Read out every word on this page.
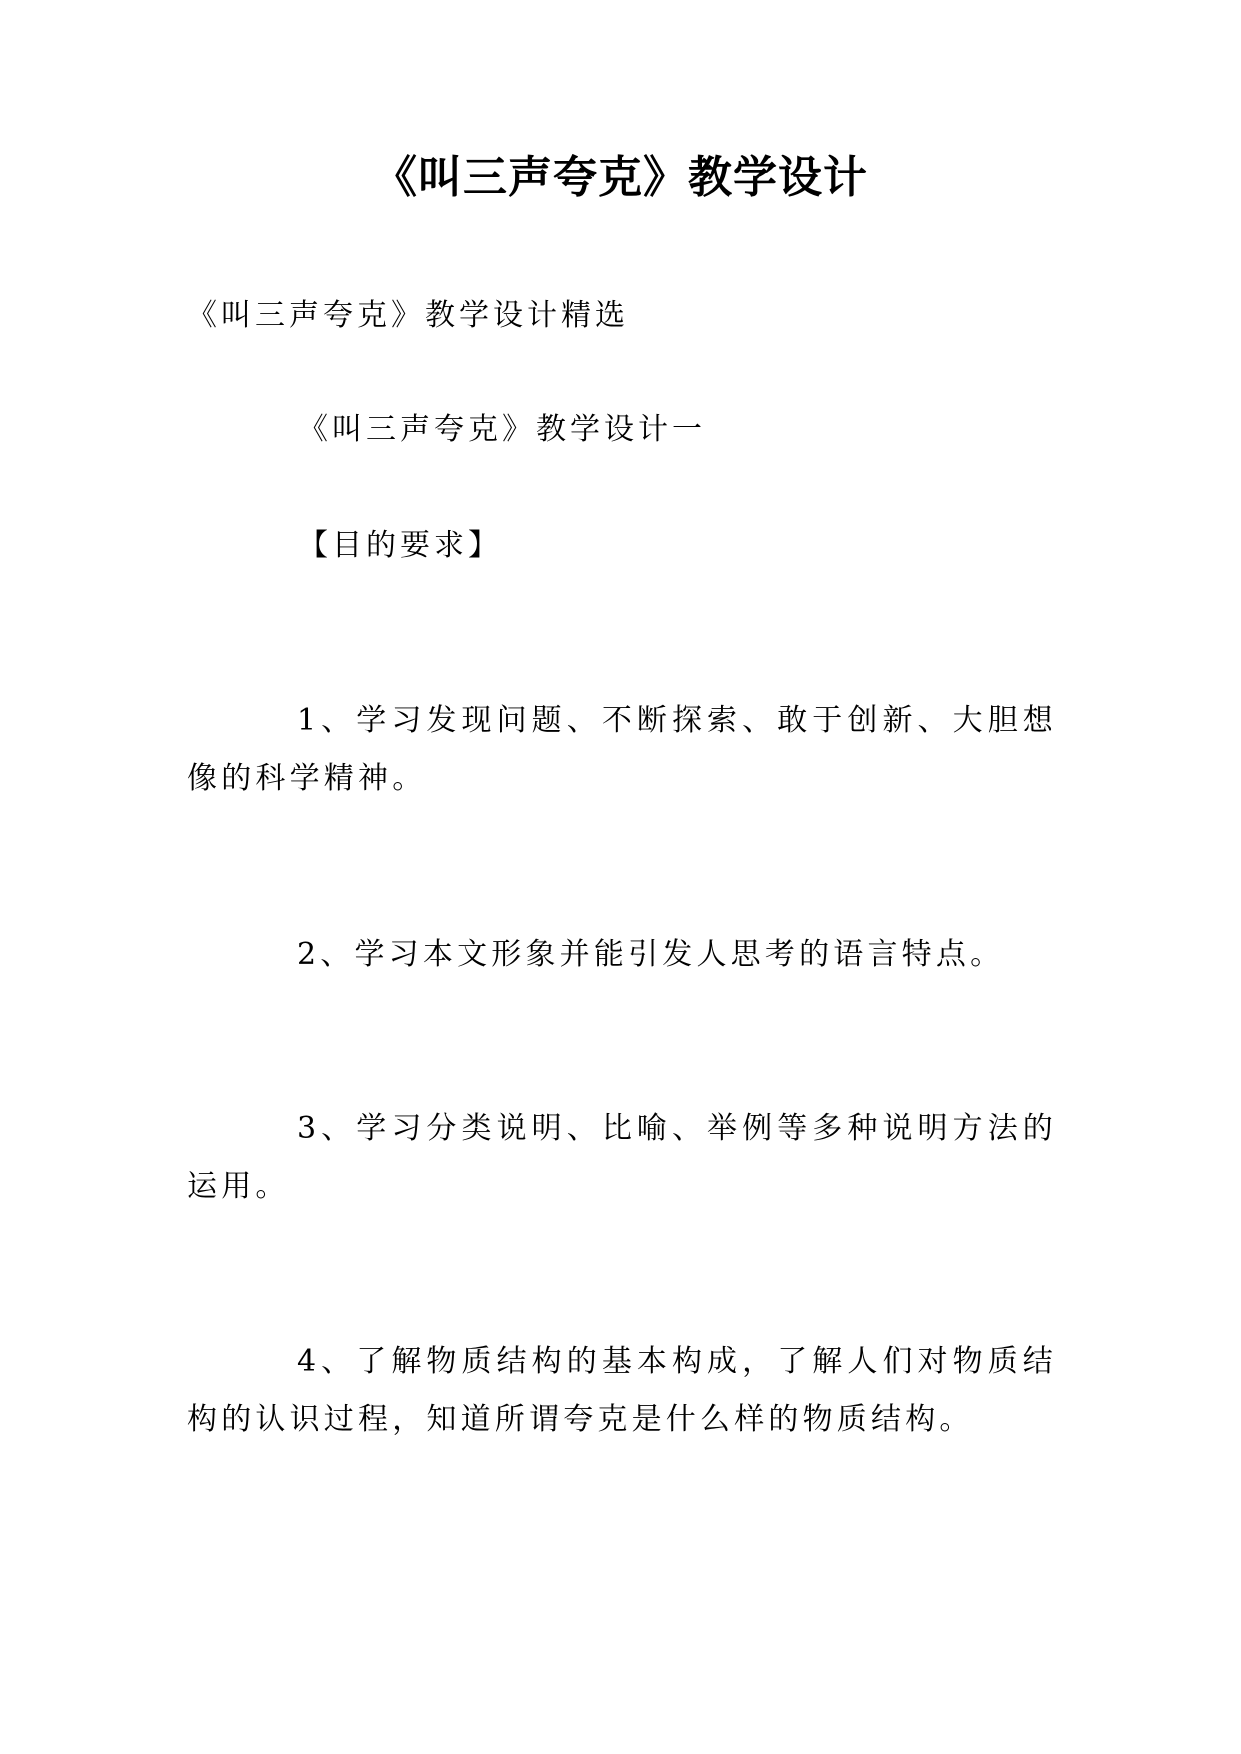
《叫三声夸克》教学设计
《叫三声夸克》教学设计精选
《叫三声夸克》教学设计一
【目的要求】
1、学习发现问题、不断探索、敢于创新、大胆想像的科学精神。
2、学习本文形象并能引发人思考的语言特点。
3、学习分类说明、比喻、举例等多种说明方法的运用。
4、了解物质结构的基本构成，了解人们对物质结构的认识过程，知道所谓夸克是什么样的物质结构。
